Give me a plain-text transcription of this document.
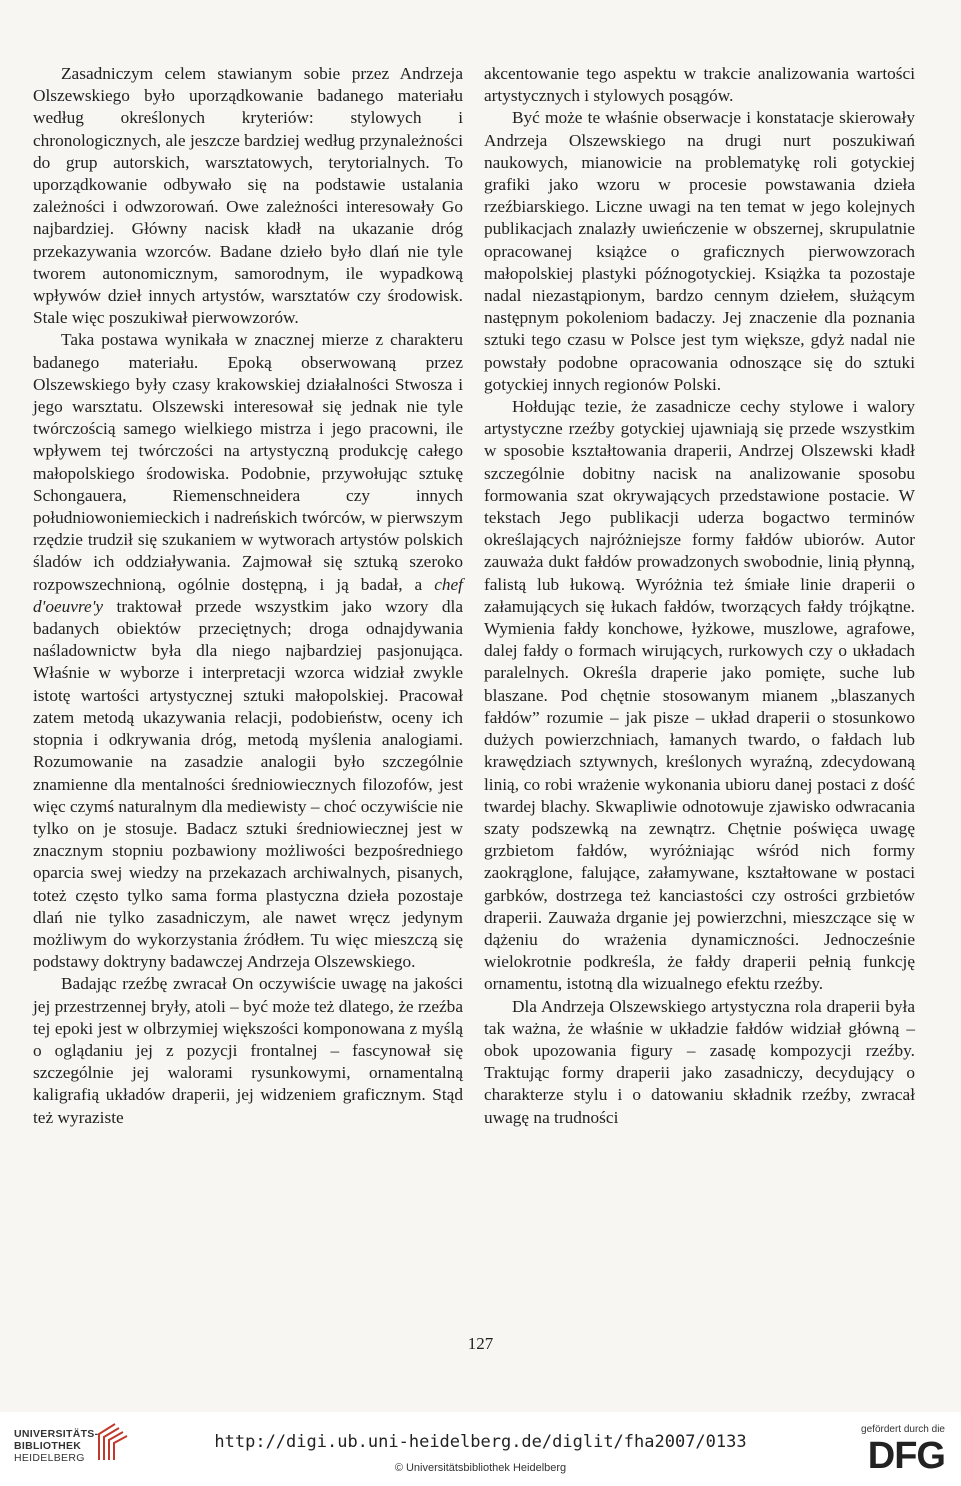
Zasadniczym celem stawianym sobie przez Andrzeja Olszewskiego było uporządkowanie badanego materiału według określonych kryteriów: stylowych i chronologicznych, ale jeszcze bardziej według przynależności do grup autorskich, warsztatowych, terytorialnych. To uporządkowanie odbywało się na podstawie ustalania zależności i odwzorowań. Owe zależności interesowały Go najbardziej. Główny nacisk kładł na ukazanie dróg przekazywania wzorców. Badane dzieło było dlań nie tyle tworem autonomicznym, samorodnym, ile wypadkową wpływów dzieł innych artystów, warsztatów czy środowisk. Stale więc poszukiwał pierwowzorów.

Taka postawa wynikała w znacznej mierze z charakteru badanego materiału. Epoką obserwowaną przez Olszewskiego były czasy krakowskiej działalności Stwosza i jego warsztatu. Olszewski interesował się jednak nie tyle twórczością samego wielkiego mistrza i jego pracowni, ile wpływem tej twórczości na artystyczną produkcję całego małopolskiego środowiska. Podobnie, przywołując sztukę Schongauera, Riemenschneidera czy innych południowoniemieckich i nadreńskich twórców, w pierwszym rzędzie trudził się szukaniem w wytworach artystów polskich śladów ich oddziaływania. Zajmował się sztuką szeroko rozpowszechnioną, ogólnie dostępną, i ją badał, a chef d'oeuvre'y traktował przede wszystkim jako wzory dla badanych obiektów przeciętnych; droga odnajdywania naśladownictw była dla niego najbardziej pasjonująca. Właśnie w wyborze i interpretacji wzorca widział zwykle istotę wartości artystycznej sztuki małopolskiej. Pracował zatem metodą ukazywania relacji, podobieństw, oceny ich stopnia i odkrywania dróg, metodą myślenia analogiami. Rozumowanie na zasadzie analogii było szczególnie znamienne dla mentalności średniowiecznych filozofów, jest więc czymś naturalnym dla mediewisty – choć oczywiście nie tylko on je stosuje. Badacz sztuki średniowiecznej jest w znacznym stopniu pozbawiony możliwości bezpośredniego oparcia swej wiedzy na przekazach archiwalnych, pisanych, toteż często tylko sama forma plastyczna dzieła pozostaje dlań nie tylko zasadniczym, ale nawet wręcz jedynym możliwym do wykorzystania źródłem. Tu więc mieszczą się podstawy doktryny badawczej Andrzeja Olszewskiego.

Badając rzeźbę zwracał On oczywiście uwagę na jakości jej przestrzennej bryły, atoli – być może też dlatego, że rzeźba tej epoki jest w olbrzymiej większości komponowana z myślą o oglądaniu jej z pozycji frontalnej – fascynował się szczególnie jej walorami rysunkowymi, ornamentalną kaligrafią układów draperii, jej widzeniem graficznym. Stąd też wyraziste

akcentowanie tego aspektu w trakcie analizowania wartości artystycznych i stylowych posągów.

Być może te właśnie obserwacje i konstatacje skierowały Andrzeja Olszewskiego na drugi nurt poszukiwań naukowych, mianowicie na problematykę roli gotyckiej grafiki jako wzoru w procesie powstawania dzieła rzeźbiarskiego. Liczne uwagi na ten temat w jego kolejnych publikacjach znalazły uwieńczenie w obszernej, skrupulatnie opracowanej książce o graficznych pierwowzorach małopolskiej plastyki późnogotyckiej. Książka ta pozostaje nadal niezastąpionym, bardzo cennym dziełem, służącym następnym pokoleniom badaczy. Jej znaczenie dla poznania sztuki tego czasu w Polsce jest tym większe, gdyż nadal nie powstały podobne opracowania odnoszące się do sztuki gotyckiej innych regionów Polski.

Hołdując tezie, że zasadnicze cechy stylowe i walory artystyczne rzeźby gotyckiej ujawniają się przede wszystkim w sposobie kształtowania draperii, Andrzej Olszewski kładł szczególnie dobitny nacisk na analizowanie sposobu formowania szat okrywających przedstawione postacie. W tekstach Jego publikacji uderza bogactwo terminów określających najróżniejsze formy fałdów ubiorów. Autor zauważa dukt fałdów prowadzonych swobodnie, linią płynną, falistą lub łukową. Wyróżnia też śmiałe linie draperii o załamujących się łukach fałdów, tworzących fałdy trójkątne. Wymienia fałdy konchowe, łyżkowe, muszlowe, agrafowe, dalej fałdy o formach wirujących, rurkowych czy o układach paralelnych. Określa draperie jako pomięte, suche lub blaszane. Pod chętnie stosowanym mianem „blaszanych fałdów” rozumie – jak pisze – układ draperii o stosunkowo dużych powierzchniach, łamanych twardo, o fałdach lub krawędziach sztywnych, kreślonych wyraźną, zdecydowaną linią, co robi wrażenie wykonania ubioru danej postaci z dość twardej blachy. Skwapliwie odnotowuje zjawisko odwracania szaty podszewką na zewnątrz. Chętnie poświęca uwagę grzbietom fałdów, wyróżniając wśród nich formy zaokrąglone, falujące, załamywane, kształtowane w postaci garbków, dostrzega też kanciastości czy ostrości grzbietów draperii. Zauważa drganie jej powierzchni, mieszczące się w dążeniu do wrażenia dynamiczności. Jednocześnie wielokrotnie podkreśla, że fałdy draperii pełnią funkcję ornamentu, istotną dla wizualnego efektu rzeźby.

Dla Andrzeja Olszewskiego artystyczna rola draperii była tak ważna, że właśnie w układzie fałdów widział główną – obok upozowania figury – zasadę kompozycji rzeźby. Traktując formy draperii jako zasadniczy, decydujący o charakterze stylu i o datowaniu składnik rzeźby, zwracał uwagę na trudności

127
UNIVERSITÄTS-
BIBLIOTHEK
HEIDELBERG
http://digi.ub.uni-heidelberg.de/diglit/fha2007/0133
© Universitätsbibliothek Heidelberg
gefördert durch die
DFG
